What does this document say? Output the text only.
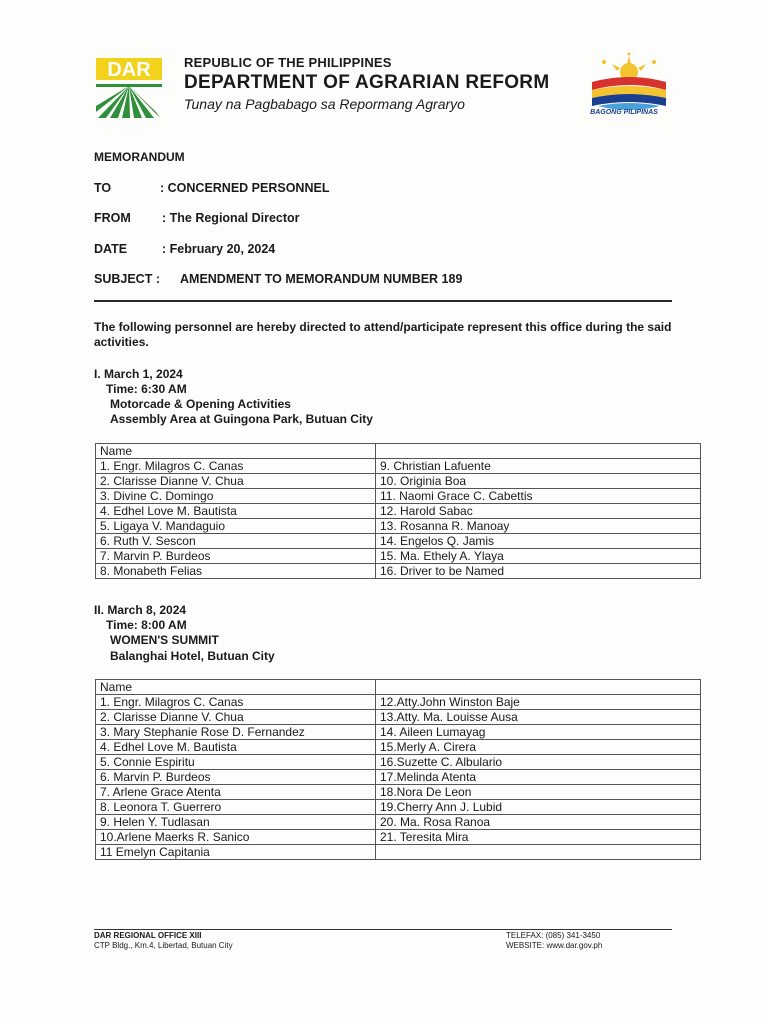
DAR	REPUBLIC OF THE PHILIPPINES
DEPARTMENT OF AGRARIAN REFORM
Tunay na Pagbabago sa Repormang Agraryo
BAGONG PILIPINAS
MEMORANDUM
TO	: CONCERNED PERSONNEL
FROM : The Regional Director
DATE	: February 20, 2024
SUBJECT : AMENDMENT TO MEMORANDUM NUMBER 189
The following personnel are hereby directed to attend/participate represent this office during the said activities.
I. March 1, 2024
Time: 6:30 AM
Motorcade & Opening Activities
Assembly Area at Guingona Park, Butuan City
Name	
1. Engr. Milagros C. Canas	9. Christian Lafuente
2. Clarisse Dianne V. Chua	10. Originia Boa
3. Divine C. Domingo	11. Naomi Grace C. Cabettis
4. Edhel Love M. Bautista	12. Harold Sabac
5. Ligaya V. Mandaguio	13. Rosanna R. Manoay
6. Ruth V. Sescon	14. Engelos Q. Jamis
7. Marvin P. Burdeos	15. Ma. Ethely A. Ylaya
8. Monabeth Felias	16. Driver to be Named
II. March 8, 2024
Time: 8:00 AM
WOMEN'S SUMMIT
Balanghai Hotel, Butuan City
Name	
1. Engr. Milagros C. Canas	12.Atty.John Winston Baje
2. Clarisse Dianne V. Chua	13.Atty. Ma. Louisse Ausa
3. Mary Stephanie Rose D. Fernandez	14. Aileen Lumayag
4. Edhel Love M. Bautista	15.Merly A. Cirera
5. Connie Espiritu	16.Suzette C. Albulario
6. Marvin P. Burdeos	17.Melinda Atenta
7. Arlene Grace Atenta	18.Nora De Leon
8. Leonora T. Guerrero	19.Cherry Ann J. Lubid
9. Helen Y. Tudlasan	20. Ma. Rosa Ranoa
10.Arlene Maerks R. Sanico	21. Teresita Mira
11 Emelyn Capitania	
DAR REGIONAL OFFICE XIII
CTP Bldg., Km.4, Libertad, Butuan City
TELEFAX: (085) 341-3450
WEBSITE: www.dar.gov.ph
